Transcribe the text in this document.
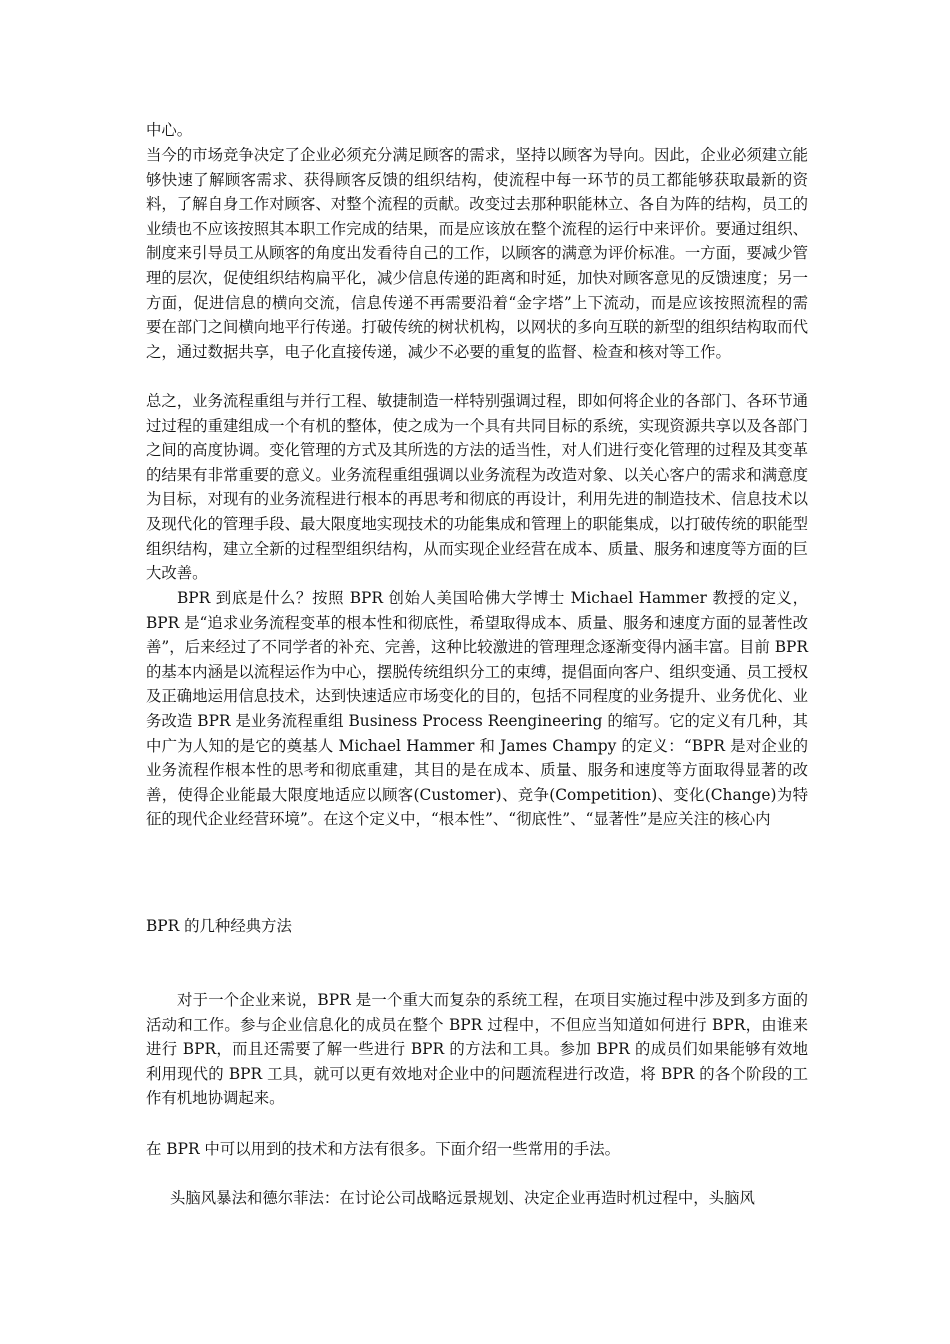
中心。

当今的市场竞争决定了企业必须充分满足顾客的需求，坚持以顾客为导向。因此，企业必须建立能够快速了解顾客需求、获得顾客反馈的组织结构，使流程中每一环节的员工都能够获取最新的资料，了解自身工作对顾客、对整个流程的贡献。改变过去那种职能林立、各自为阵的结构，员工的业绩也不应该按照其本职工作完成的结果，而是应该放在整个流程的运行中来评价。要通过组织、制度来引导员工从顾客的角度出发看待自己的工作，以顾客的满意为评价标准。一方面，要减少管理的层次，促使组织结构扁平化，减少信息传递的距离和时延，加快对顾客意见的反馈速度；另一方面，促进信息的横向交流，信息传递不再需要沿着“金字塔”上下流动，而是应该按照流程的需要在部门之间横向地平行传递。打破传统的树状机构，以网状的多向互联的新型的组织结构取而代之，通过数据共享，电子化直接传递，减少不必要的重复的监督、检查和核对等工作。

总之，业务流程重组与并行工程、敏捷制造一样特别强调过程，即如何将企业的各部门、各环节通过过程的重建组成一个有机的整体，使之成为一个具有共同目标的系统，实现资源共享以及各部门之间的高度协调。变化管理的方式及其所选的方法的适当性，对人们进行变化管理的过程及其变革的结果有非常重要的意义。业务流程重组强调以业务流程为改造对象、以关心客户的需求和满意度为目标，对现有的业务流程进行根本的再思考和彻底的再设计，利用先进的制造技术、信息技术以及现代化的管理手段、最大限度地实现技术的功能集成和管理上的职能集成，以打破传统的职能型组织结构，建立全新的过程型组织结构，从而实现企业经营在成本、质量、服务和速度等方面的巨大改善。

BPR 到底是什么？按照 BPR 创始人美国哈佛大学博士 Michael Hammer 教授的定义，BPR 是“追求业务流程变革的根本性和彻底性，希望取得成本、质量、服务和速度方面的显著性改善”，后来经过了不同学者的补充、完善，这种比较激进的管理理念逐渐变得内涵丰富。目前 BPR 的基本内涵是以流程运作为中心，摆脱传统组织分工的束缚，提倡面向客户、组织变通、员工授权及正确地运用信息技术，达到快速适应市场变化的目的，包括不同程度的业务提升、业务优化、业务改造 BPR 是业务流程重组 Business Process Reengineering 的缩写。它的定义有几种，其中广为人知的是它的奠基人 Michael Hammer 和 James Champy 的定义：“BPR 是对企业的业务流程作根本性的思考和彻底重建，其目的是在成本、质量、服务和速度等方面取得显著的改善，使得企业能最大限度地适应以顾客(Customer)、竞争(Competition)、变化(Change)为特征的现代企业经营环境”。在这个定义中，“根本性”、“彻底性”、“显著性”是应关注的核心内

BPR 的几种经典方法

对于一个企业来说，BPR 是一个重大而复杂的系统工程，在项目实施过程中涉及到多方面的活动和工作。参与企业信息化的成员在整个 BPR 过程中，不但应当知道如何进行 BPR，由谁来进行 BPR，而且还需要了解一些进行 BPR 的方法和工具。参加 BPR 的成员们如果能够有效地利用现代的 BPR 工具，就可以更有效地对企业中的问题流程进行改造，将 BPR 的各个阶段的工作有机地协调起来。

在 BPR 中可以用到的技术和方法有很多。下面介绍一些常用的手法。

头脑风暴法和德尔菲法：在讨论公司战略远景规划、决定企业再造时机过程中，头脑风
